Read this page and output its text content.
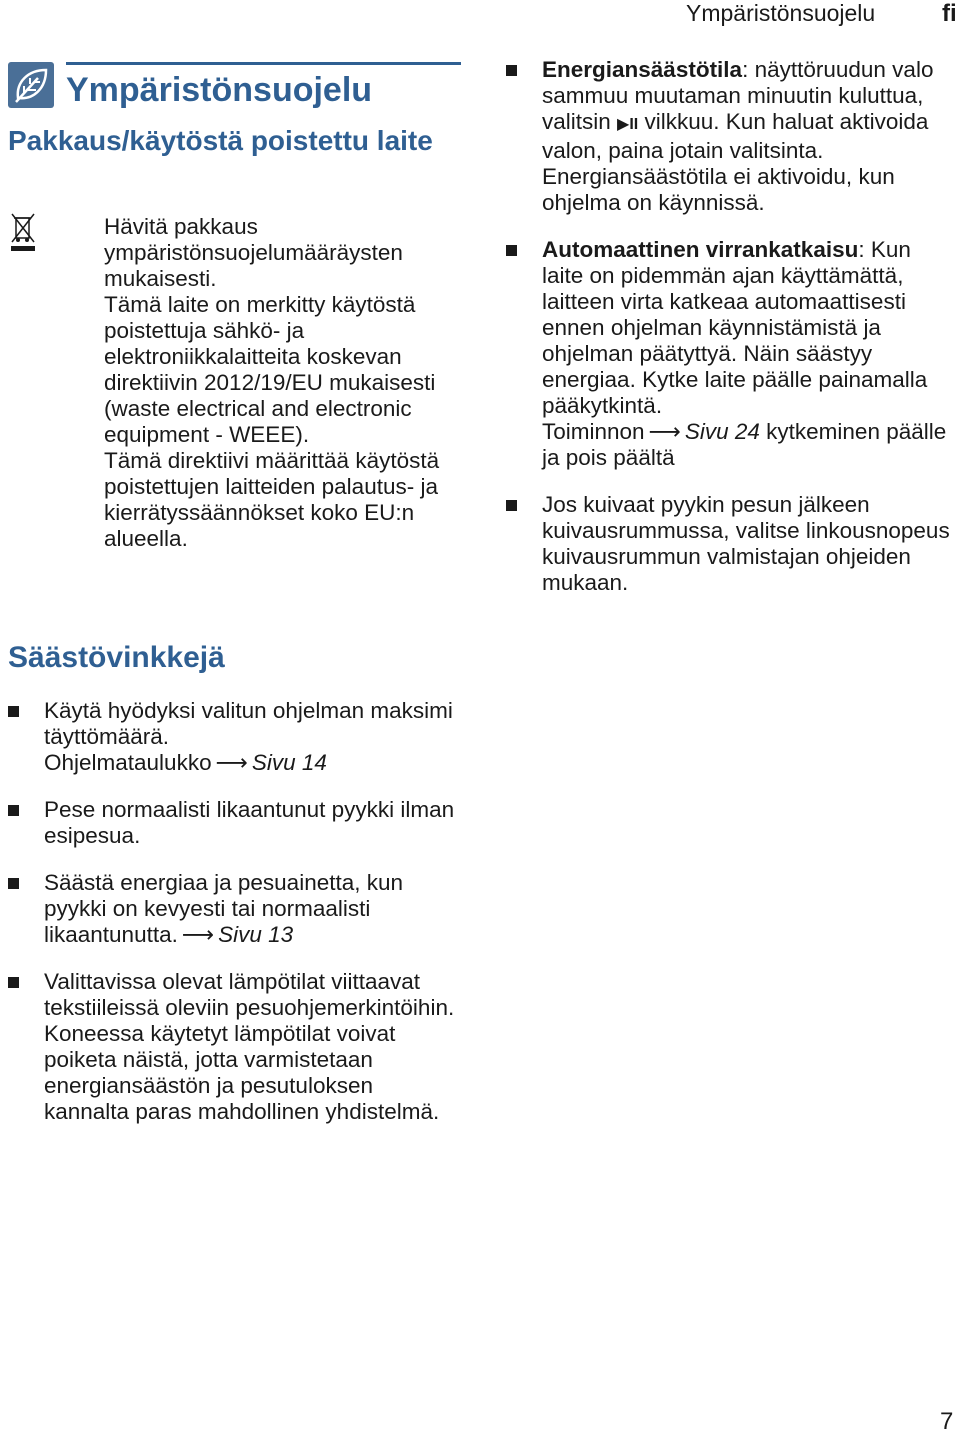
Ympäristönsuojelu	fi
Ympäristönsuojelu
Pakkaus/käytöstä poistettu laite

Hävitä pakkaus ympäristönsuojelumääräysten mukaisesti.

Tämä laite on merkitty käytöstä poistettuja sähkö- ja elektroniikkalaitteita koskevan direktiivin 2012/19/EU mukaisesti (waste electrical and electronic equipment - WEEE).

Tämä direktiivi määrittää käytöstä poistettujen laitteiden palautus- ja kierrätyssäännökset koko EU:n alueella.

Säästövinkkejä

Käytä hyödyksi valitun ohjelman maksimi täyttömäärä.
Ohjelmataulukko ⟶ Sivu 14

Pese normaalisti likaantunut pyykki ilman esipesua.

Säästä energiaa ja pesuainetta, kun pyykki on kevyesti tai normaalisti likaantunutta. ⟶ Sivu 13

Valittavissa olevat lämpötilat viittaavat tekstiileissä oleviin pesuohjemerkintöihin. Koneessa käytetyt lämpötilat voivat poiketa näistä, jotta varmistetaan energiansäästön ja pesutuloksen kannalta paras mahdollinen yhdistelmä.

Energiansäästötila: näyttöruudun valo sammuu muutaman minuutin kuluttua, valitsin ▶II vilkkuu. Kun haluat aktivoida valon, paina jotain valitsinta.

Energiansäästötila ei aktivoidu, kun ohjelma on käynnissä.

Automaattinen virrankatkaisu: Kun laite on pidemmän ajan käyttämättä, laitteen virta katkeaa automaattisesti ennen ohjelman käynnistämistä ja ohjelman päätyttyä. Näin säästyy energiaa. Kytke laite päälle painamalla pääkytkintä.

Toiminnon ⟶ Sivu 24 kytkeminen päälle ja pois päältä

Jos kuivaat pyykin pesun jälkeen kuivausrummussa, valitse linkousnopeus kuivausrummun valmistajan ohjeiden mukaan.

7
